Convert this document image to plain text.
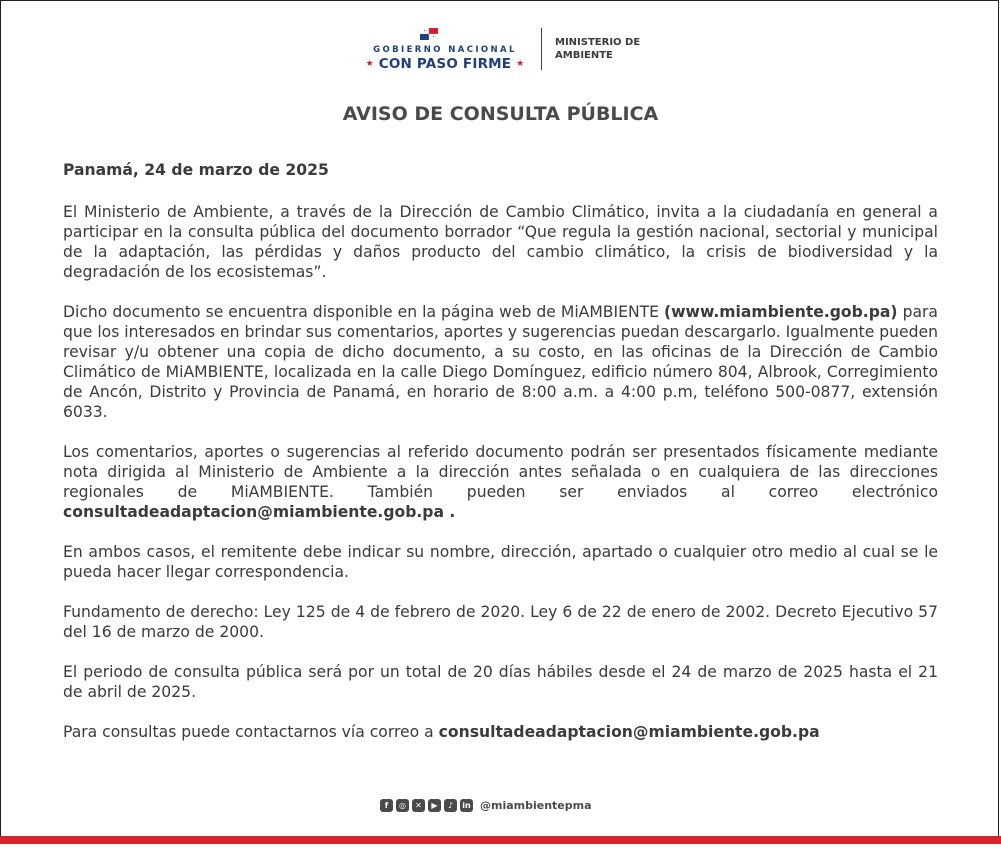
GOBIERNO NACIONAL
★ CON PASO FIRME ★
MINISTERIO DE
AMBIENTE
AVISO DE CONSULTA PÚBLICA

Panamá, 24 de marzo de 2025

El Ministerio de Ambiente, a través de la Dirección de Cambio Climático, invita a la ciudadanía en general a participar en la consulta pública del documento borrador “Que regula la gestión nacional, sectorial y municipal de la adaptación, las pérdidas y daños producto del cambio climático, la crisis de biodiversidad y la degradación de los ecosistemas”.

Dicho documento se encuentra disponible en la página web de MiAMBIENTE (www.miambiente.gob.pa) para que los interesados en brindar sus comentarios, aportes y sugerencias puedan descargarlo. Igualmente pueden revisar y/u obtener una copia de dicho documento, a su costo, en las oficinas de la Dirección de Cambio Climático de MiAMBIENTE, localizada en la calle Diego Domínguez, edificio número 804, Albrook, Corregimiento de Ancón, Distrito y Provincia de Panamá, en horario de 8:00 a.m. a 4:00 p.m, teléfono 500-0877, extensión 6033.

Los comentarios, aportes o sugerencias al referido documento podrán ser presentados físicamente mediante nota dirigida al Ministerio de Ambiente a la dirección antes señalada o en cualquiera de las direcciones regionales de MiAMBIENTE. También pueden ser enviados al correo electrónico consultadeadaptacion@miambiente.gob.pa .

En ambos casos, el remitente debe indicar su nombre, dirección, apartado o cualquier otro medio al cual se le pueda hacer llegar correspondencia.

Fundamento de derecho: Ley 125 de 4 de febrero de 2020. Ley 6 de 22 de enero de 2002. Decreto Ejecutivo 57 del 16 de marzo de 2000.

El periodo de consulta pública será por un total de 20 días hábiles desde el 24 de marzo de 2025 hasta el 21 de abril de 2025.

Para consultas puede contactarnos vía correo a consultadeadaptacion@miambiente.gob.pa

f	◎	✕	▶	♪	in @miambientepma
